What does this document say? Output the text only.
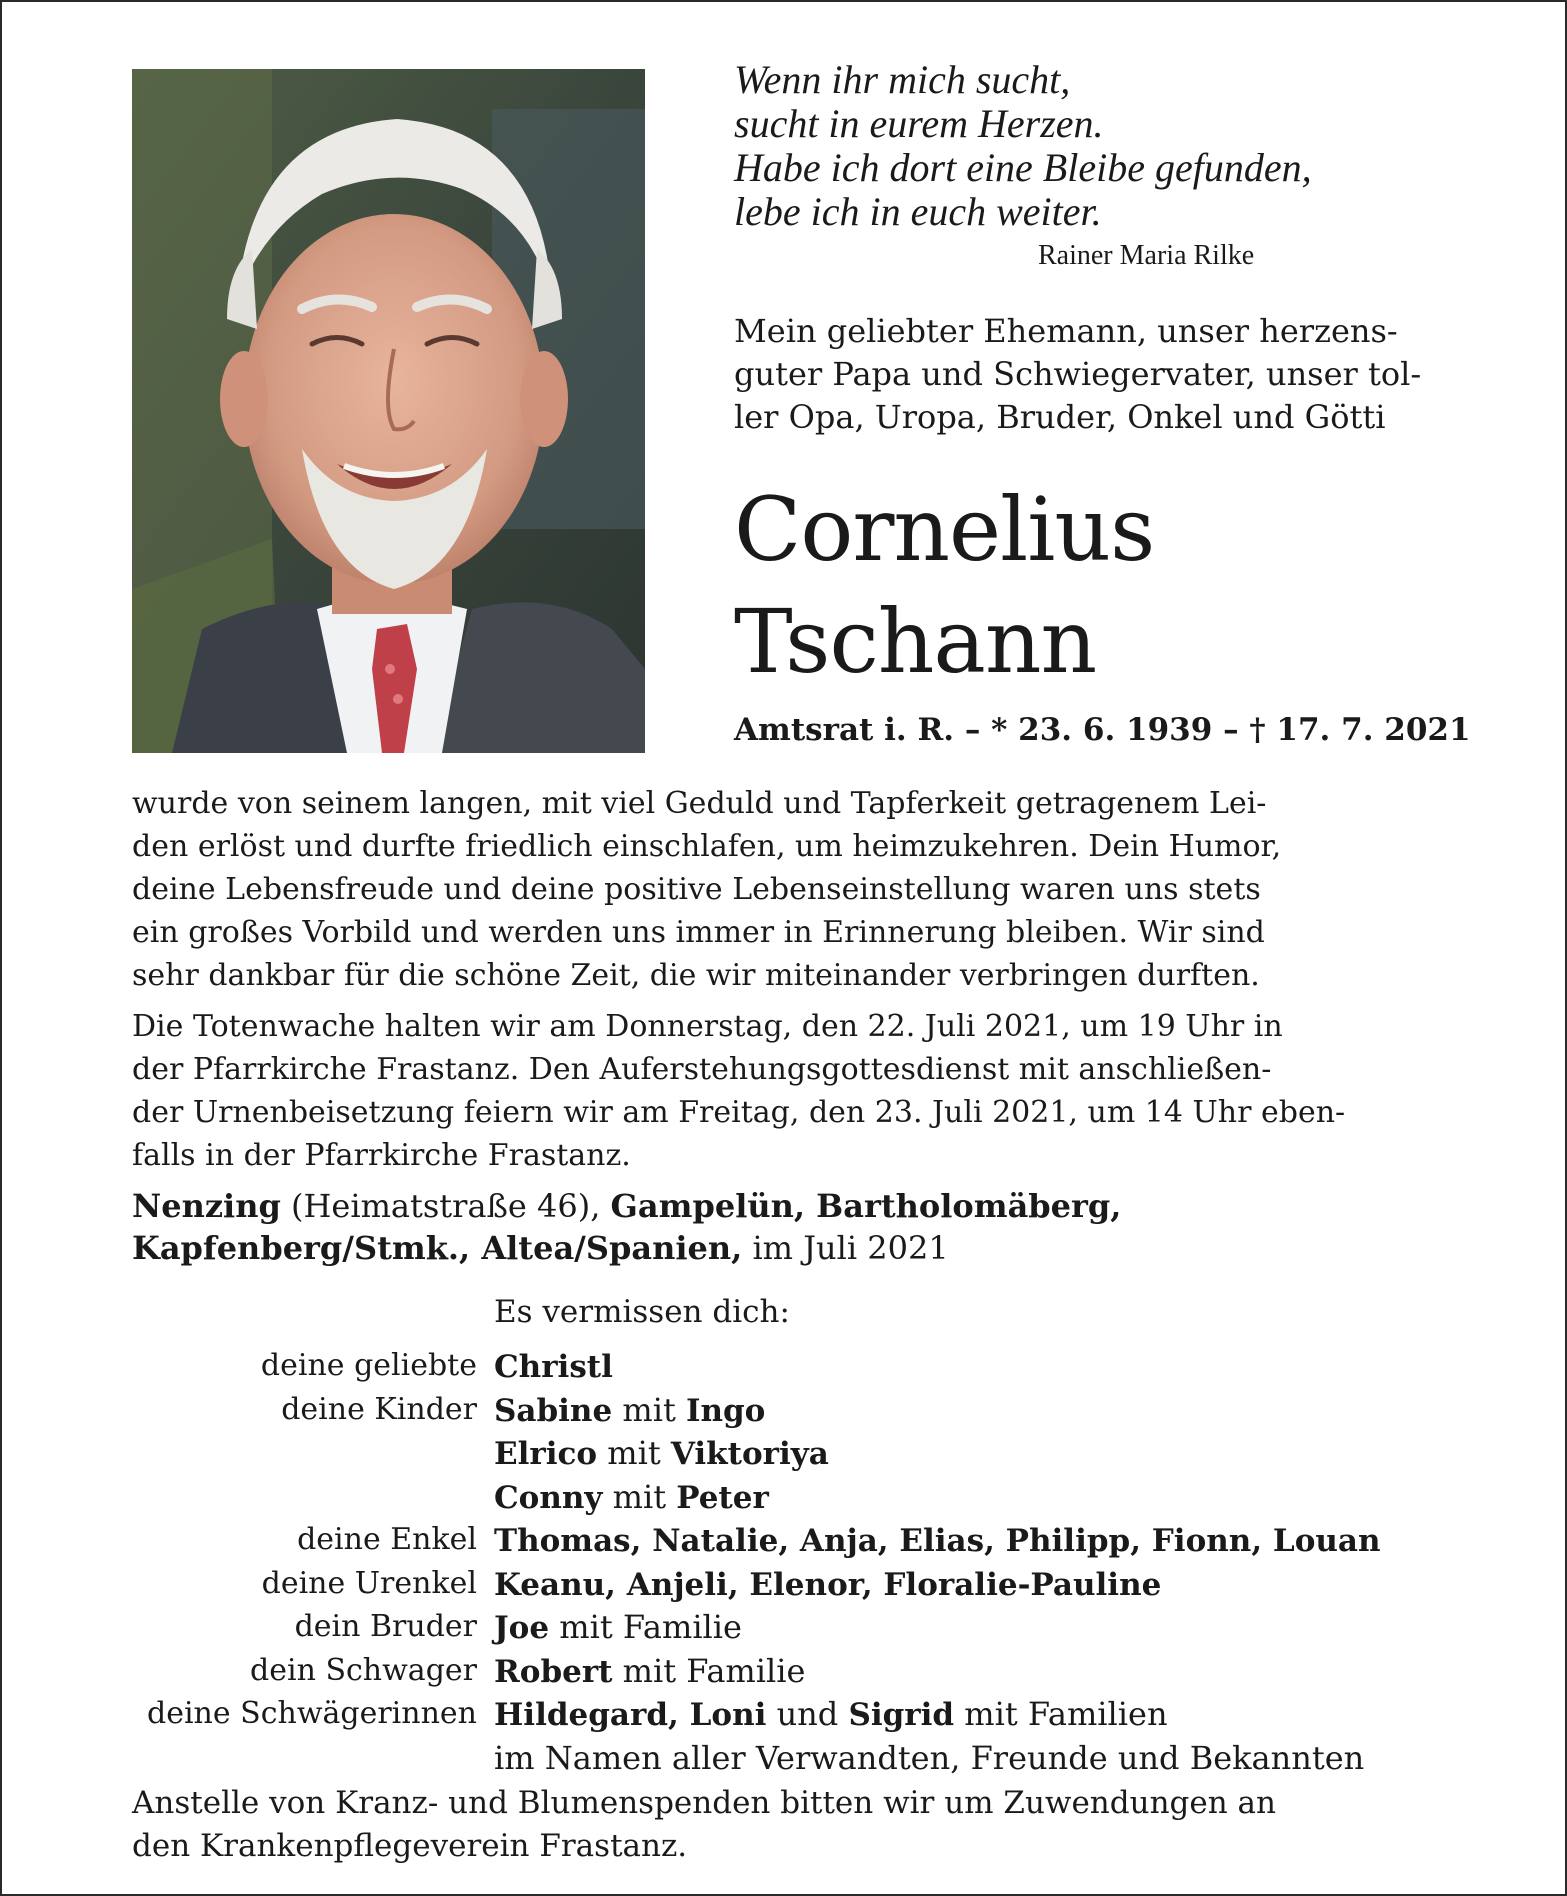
Wenn ihr mich sucht,
sucht in eurem Herzen.
Habe ich dort eine Bleibe gefunden,
lebe ich in euch weiter.
Rainer Maria Rilke
Mein geliebter Ehemann, unser herzens-
guter Papa und Schwiegervater, unser tol-
ler Opa, Uropa, Bruder, Onkel und Götti
Cornelius
Tschann
Amtsrat i. R. – * 23. 6. 1939 – † 17. 7. 2021
wurde von seinem langen, mit viel Geduld und Tapferkeit getragenem Lei-
den erlöst und durfte friedlich einschlafen, um heimzukehren. Dein Humor,
deine Lebensfreude und deine positive Lebenseinstellung waren uns stets
ein großes Vorbild und werden uns immer in Erinnerung bleiben. Wir sind
sehr dankbar für die schöne Zeit, die wir miteinander verbringen durften.
Die Totenwache halten wir am Donnerstag, den 22. Juli 2021, um 19 Uhr in
der Pfarrkirche Frastanz. Den Auferstehungsgottesdienst mit anschließen-
der Urnenbeisetzung feiern wir am Freitag, den 23. Juli 2021, um 14 Uhr eben-
falls in der Pfarrkirche Frastanz.
Nenzing (Heimatstraße 46), Gampelün, Bartholomäberg,
Kapfenberg/Stmk., Altea/Spanien, im Juli 2021
Es vermissen dich:
deine geliebte Christl
deine Kinder Sabine mit Ingo
Elrico mit Viktoriya
Conny mit Peter
deine Enkel Thomas, Natalie, Anja, Elias, Philipp, Fionn, Louan
deine Urenkel Keanu, Anjeli, Elenor, Floralie-Pauline
dein Bruder Joe mit Familie
dein Schwager Robert mit Familie
deine Schwägerinnen Hildegard, Loni und Sigrid mit Familien
im Namen aller Verwandten, Freunde und Bekannten
Anstelle von Kranz- und Blumenspenden bitten wir um Zuwendungen an
den Krankenpflegeverein Frastanz.
